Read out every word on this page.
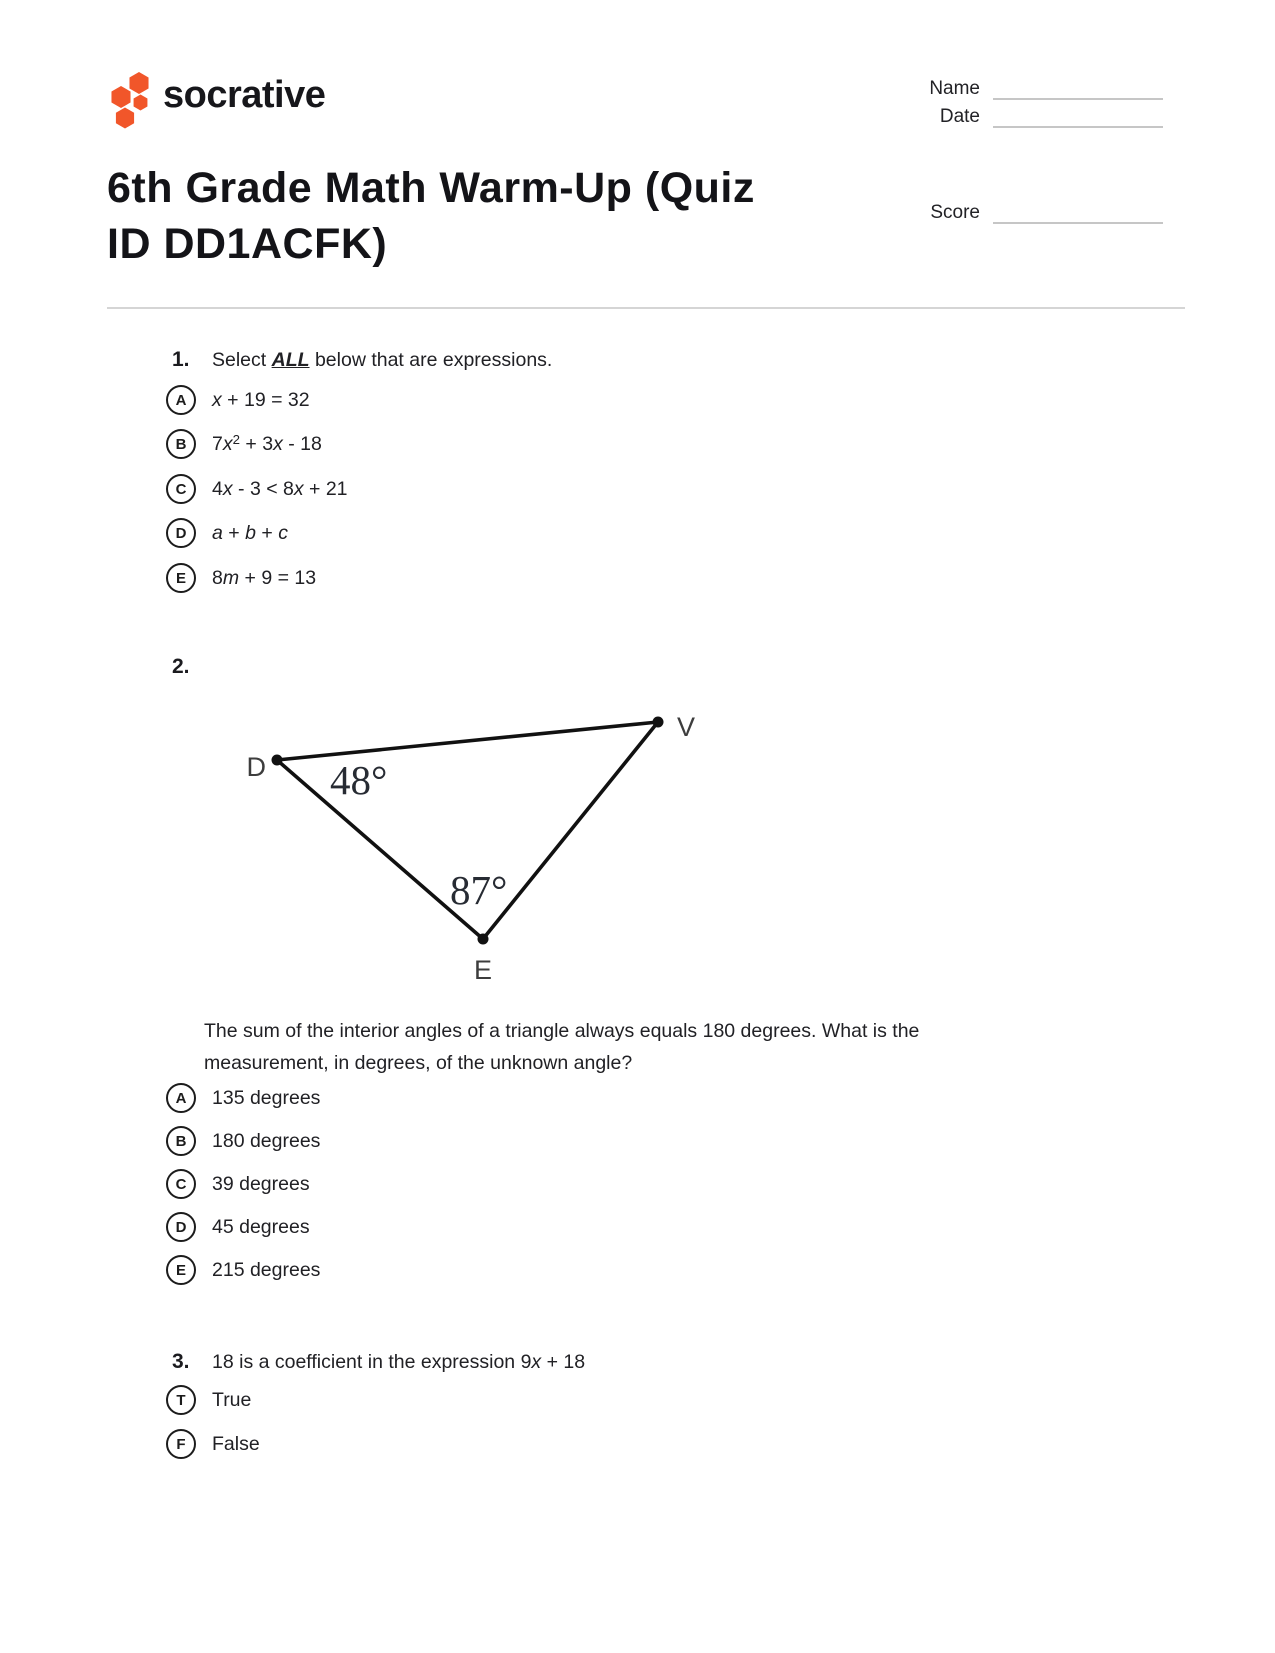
socrative	Name
Date
Score
6th Grade Math Warm-Up (Quiz ID DD1ACFK)
1.	Select ALL below that are expressions.
A	x + 19 = 32
B	$7x^2 + 3x - 18$
C	4x - 3 < 8x + 21
D	a + b + c
E	8m + 9 = 13
2.
D
V
E
48°
87°
The sum of the interior angles of a triangle always equals 180 degrees. What is the measurement, in degrees, of the unknown angle?
A	135 degrees
B	180 degrees
C	39 degrees
D	45 degrees
E	215 degrees
3.	18 is a coefficient in the expression 9x + 18
T	True
F	False
